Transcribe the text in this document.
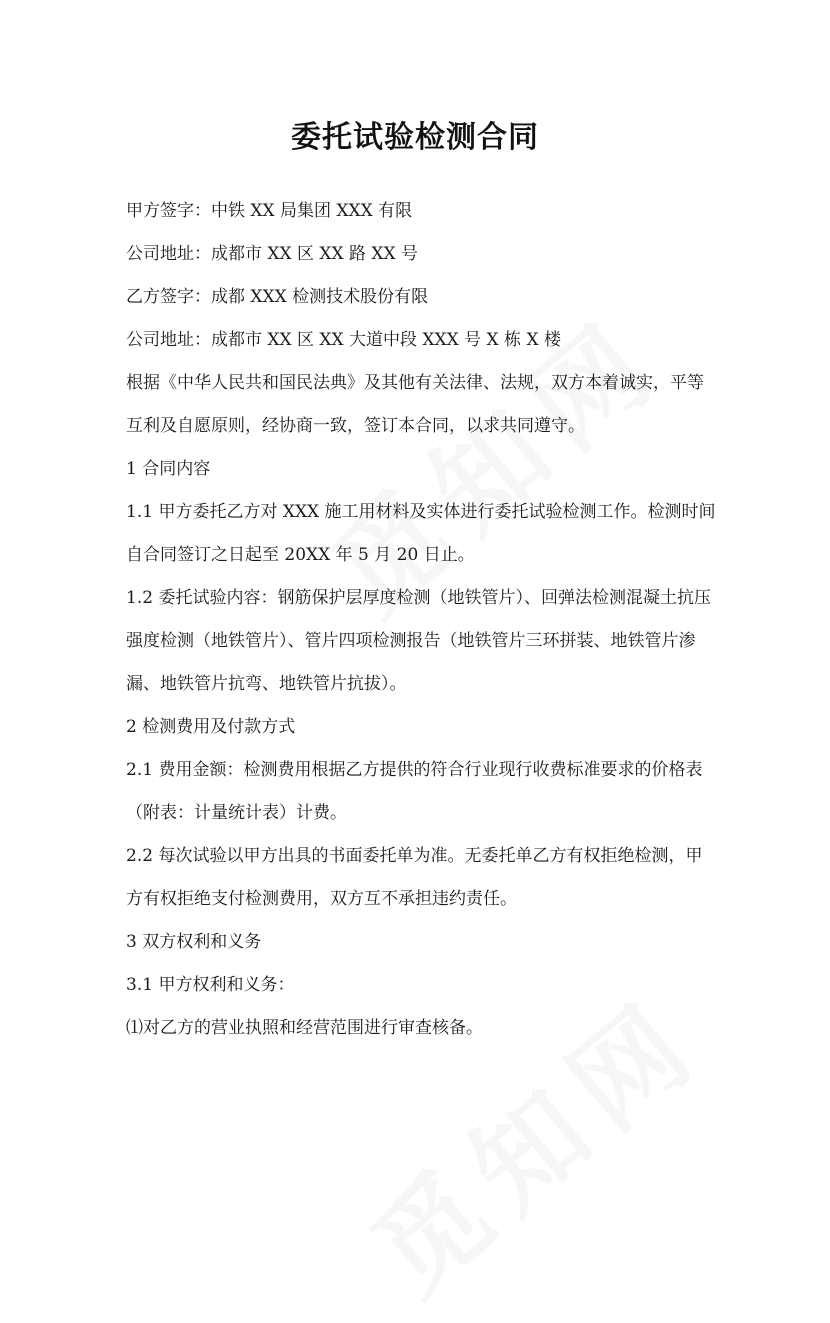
委托试验检测合同
甲方签字：中铁 XX 局集团 XXX 有限
公司地址：成都市 XX 区 XX 路 XX 号
乙方签字：成都 XXX 检测技术股份有限
公司地址：成都市 XX 区 XX 大道中段 XXX 号 X 栋 X 楼
根据《中华人民共和国民法典》及其他有关法律、法规，双方本着诚实，平等
互利及自愿原则，经协商一致，签订本合同，以求共同遵守。
1 合同内容
1.1 甲方委托乙方对 XXX 施工用材料及实体进行委托试验检测工作。检测时间
自合同签订之日起至 20XX 年 5 月 20 日止。
1.2 委托试验内容：钢筋保护层厚度检测（地铁管片）、回弹法检测混凝土抗压
强度检测（地铁管片）、管片四项检测报告（地铁管片三环拼装、地铁管片渗
漏、地铁管片抗弯、地铁管片抗拔）。
2 检测费用及付款方式
2.1 费用金额：检测费用根据乙方提供的符合行业现行收费标准要求的价格表
（附表：计量统计表）计费。
2.2 每次试验以甲方出具的书面委托单为准。无委托单乙方有权拒绝检测，甲
方有权拒绝支付检测费用，双方互不承担违约责任。
3 双方权利和义务
3.1 甲方权利和义务：
⑴对乙方的营业执照和经营范围进行审查核备。
